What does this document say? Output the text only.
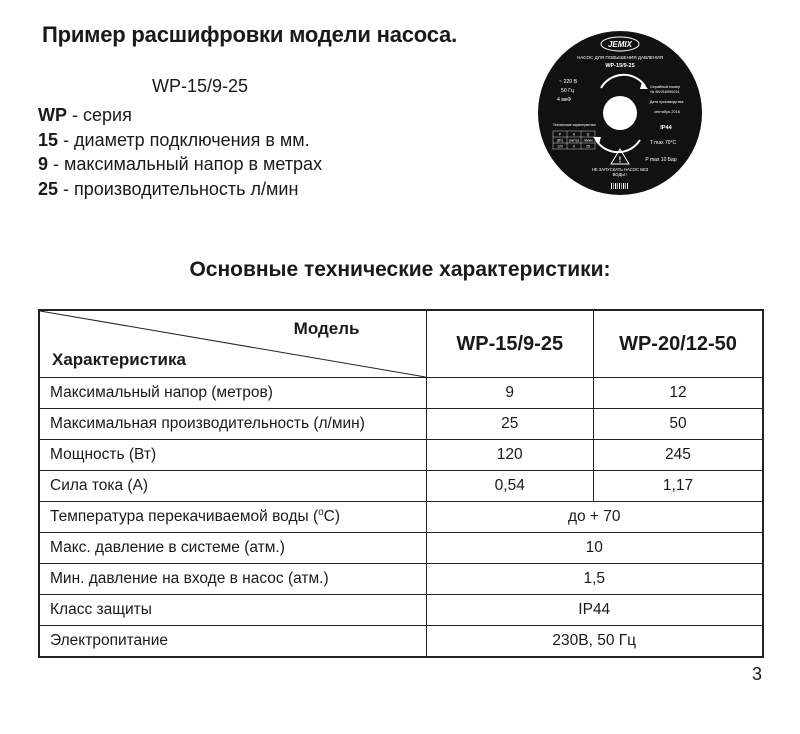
Пример расшифровки модели насоса.
WP-15/9-25
WP - серия
15 - диаметр подключения в мм.
9 - максимальный напор в метрах
25 - производительность л/мин
JEMIX
НАСОС ДЛЯ ПОВЫШЕНИЯ ДАВЛЕНИЯ
WP-15/9-25
~ 220 В
50 Гц
4 мкФ
Технические характеристики
P	H	Q
(Вт) (метр) л/мин
120	9	25
Серийный номер
№ BV016090031
Дата производства:
сентябрь 2016
IP44
T max 70°C
P max 10 Бар
!
НЕ ЗАПУСКАТЬ НАСОС БЕЗ ВОДЫ !
Основные технические характеристики:
Модель
Характеристика	WP-15/9-25	WP-20/12-50
Максимальный напор (метров)	9	12
Максимальная производительность (л/мин)	25	50
Мощность (Вт)	120	245
Сила тока (А)	0,54	1,17
Температура перекачиваемой воды ($^о$С)	до + 70	
Макс. давление в системе (атм.)	10	
Мин. давление на входе в насос (атм.)	1,5	
Класс защиты	IP44	
Электропитание	230В, 50 Гц	
3
